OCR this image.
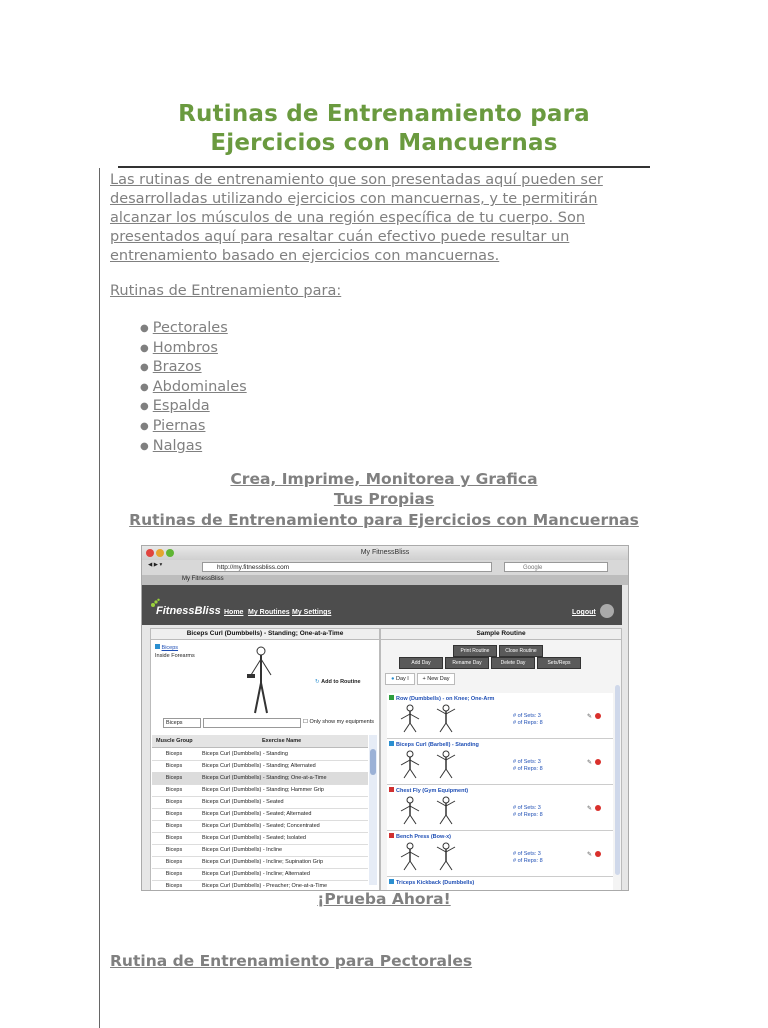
Rutinas de Entrenamiento para
Ejercicios con Mancuernas

Las rutinas de entrenamiento que son presentadas aquí pueden ser desarrolladas utilizando ejercicios con mancuernas, y te permitirán alcanzar los músculos de una región específica de tu cuerpo. Son presentados aquí para resaltar cuán efectivo puede resultar un entrenamiento basado en ejercicios con mancuernas.

Rutinas de Entrenamiento para:
● Pectorales
● Hombros
● Brazos
● Abdominales
● Espalda
● Piernas
● Nalgas
Crea, Imprime, Monitorea y Grafica
Tus Propias
Rutinas de Entrenamiento para Ejercicios con Mancuernas
My FitnessBliss
◀ ▶ ▾	http://my.fitnessbliss.com	Google
My FitnessBliss
FitnessBliss Home My Routines My Settings	Logout
Biceps Curl (Dumbbells) - Standing; One-at-a-Time
Biceps
Inside Forearms
↻ Add to Routine
Biceps	☐ Only show my equipments
Muscle Group	Exercise Name
Biceps	Biceps Curl (Dumbbells) - Standing
Biceps	Biceps Curl (Dumbbells) - Standing; Alternated
Biceps	Biceps Curl (Dumbbells) - Standing; One-at-a-Time
Biceps	Biceps Curl (Dumbbells) - Standing; Hammer Grip
Biceps	Biceps Curl (Dumbbells) - Seated
Biceps	Biceps Curl (Dumbbells) - Seated; Alternated
Biceps	Biceps Curl (Dumbbells) - Seated; Concentrated
Biceps	Biceps Curl (Dumbbells) - Seated; Isolated
Biceps	Biceps Curl (Dumbbells) - Incline
Biceps	Biceps Curl (Dumbbells) - Incline; Supination Grip
Biceps	Biceps Curl (Dumbbells) - Incline; Alternated
Biceps	Biceps Curl (Dumbbells) - Preacher; One-at-a-Time
Sample Routine
Print Routine	Close Routine
Add Day	Rename Day	Delete Day	Sets/Reps
● Day I	+ New Day
Row (Dumbbells) - on Knee; One-Arm
# of Sets: 3
# of Reps: 8
✎
Biceps Curl (Barbell) - Standing
# of Sets: 3
# of Reps: 8
✎
Chest Fly (Gym Equipment)
# of Sets: 3
# of Reps: 8
✎
Bench Press (Bow-x)
# of Sets: 3
# of Reps: 8
✎
Triceps Kickback (Dumbbells)
¡Prueba Ahora!
Rutina de Entrenamiento para Pectorales
